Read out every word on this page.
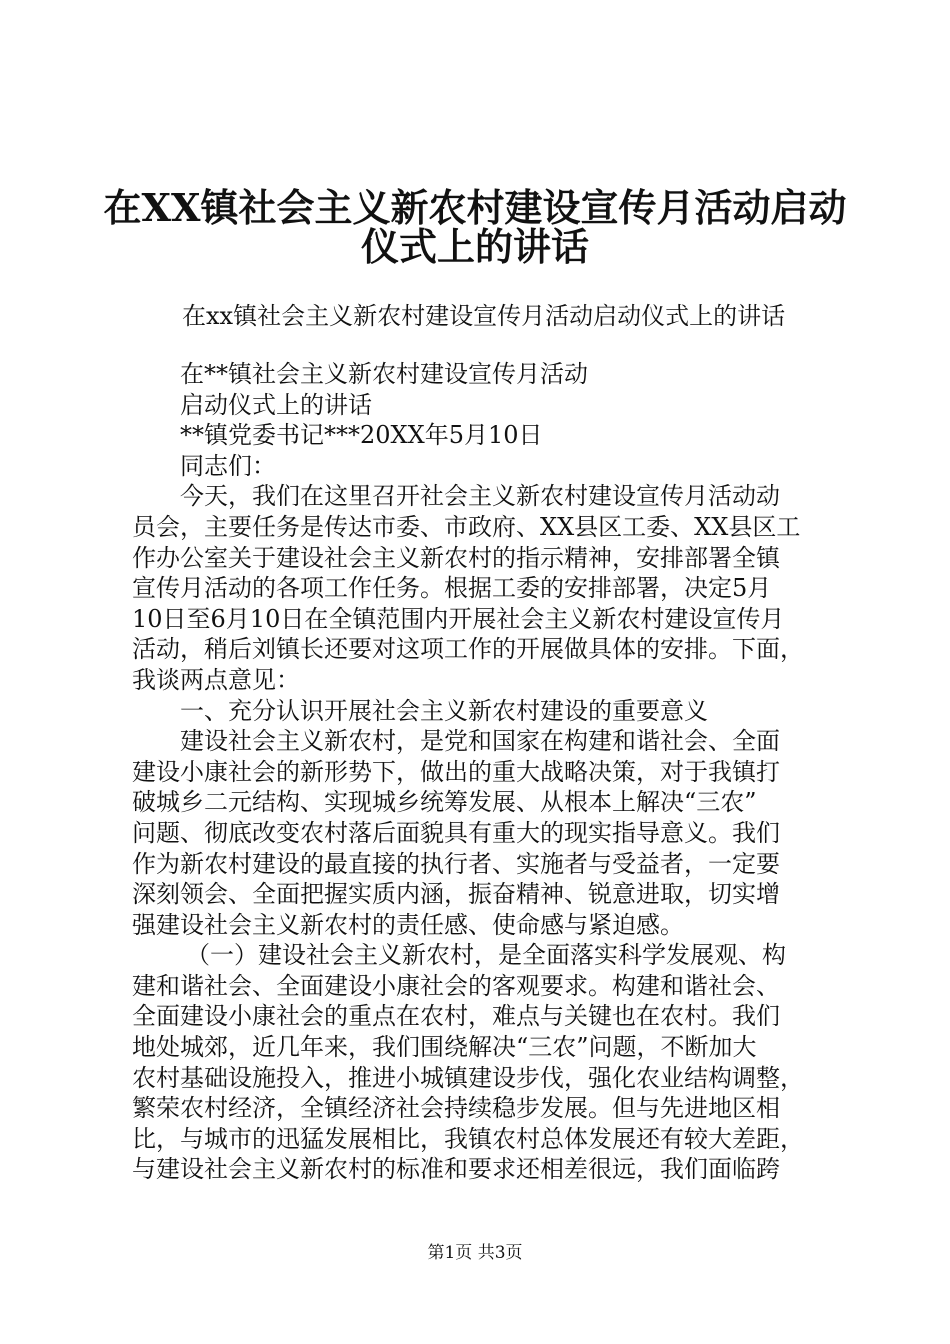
在XX镇社会主义新农村建设宣传月活动启动
仪式上的讲话
在xx镇社会主义新农村建设宣传月活动启动仪式上的讲话
在**镇社会主义新农村建设宣传月活动
启动仪式上的讲话
**镇党委书记***20XX年5月10日
同志们：
今天，我们在这里召开社会主义新农村建设宣传月活动动
员会，主要任务是传达市委、市政府、XX县区工委、XX县区工
作办公室关于建设社会主义新农村的指示精神，安排部署全镇
宣传月活动的各项工作任务。根据工委的安排部署，决定5月
10日至6月10日在全镇范围内开展社会主义新农村建设宣传月
活动，稍后刘镇长还要对这项工作的开展做具体的安排。下面，
我谈两点意见：
一、充分认识开展社会主义新农村建设的重要意义
建设社会主义新农村，是党和国家在构建和谐社会、全面
建设小康社会的新形势下，做出的重大战略决策，对于我镇打
破城乡二元结构、实现城乡统筹发展、从根本上解决“三农”
问题、彻底改变农村落后面貌具有重大的现实指导意义。我们
作为新农村建设的最直接的执行者、实施者与受益者，一定要
深刻领会、全面把握实质内涵，振奋精神、锐意进取，切实增
强建设社会主义新农村的责任感、使命感与紧迫感。
（一）建设社会主义新农村，是全面落实科学发展观、构
建和谐社会、全面建设小康社会的客观要求。构建和谐社会、
全面建设小康社会的重点在农村，难点与关键也在农村。我们
地处城郊，近几年来，我们围绕解决“三农”问题，不断加大
农村基础设施投入，推进小城镇建设步伐，强化农业结构调整，
繁荣农村经济，全镇经济社会持续稳步发展。但与先进地区相
比，与城市的迅猛发展相比，我镇农村总体发展还有较大差距，
与建设社会主义新农村的标准和要求还相差很远，我们面临跨
第1页 共3页
